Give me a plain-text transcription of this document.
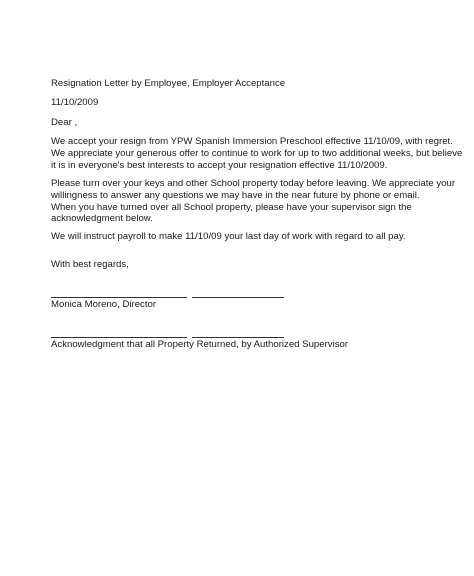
Resignation Letter by Employee, Employer Acceptance
11/10/2009
Dear ,
We accept your resign from YPW Spanish Immersion Preschool effective 11/10/09, with regret.
We appreciate your generous offer to continue to work for up to two additional weeks, but believe
it is in everyone's best interests to accept your resignation effective 11/10/2009.
Please turn over your keys and other School property today before leaving. We appreciate your
willingness to answer any questions we may have in the near future by phone or email.
When you have turned over all School property, please have your supervisor sign the
acknowledgment below.
We will instruct payroll to make 11/10/09 your last day of work with regard to all pay.
With best regards,
Monica Moreno, Director
Acknowledgment that all Property Returned, by Authorized Supervisor
